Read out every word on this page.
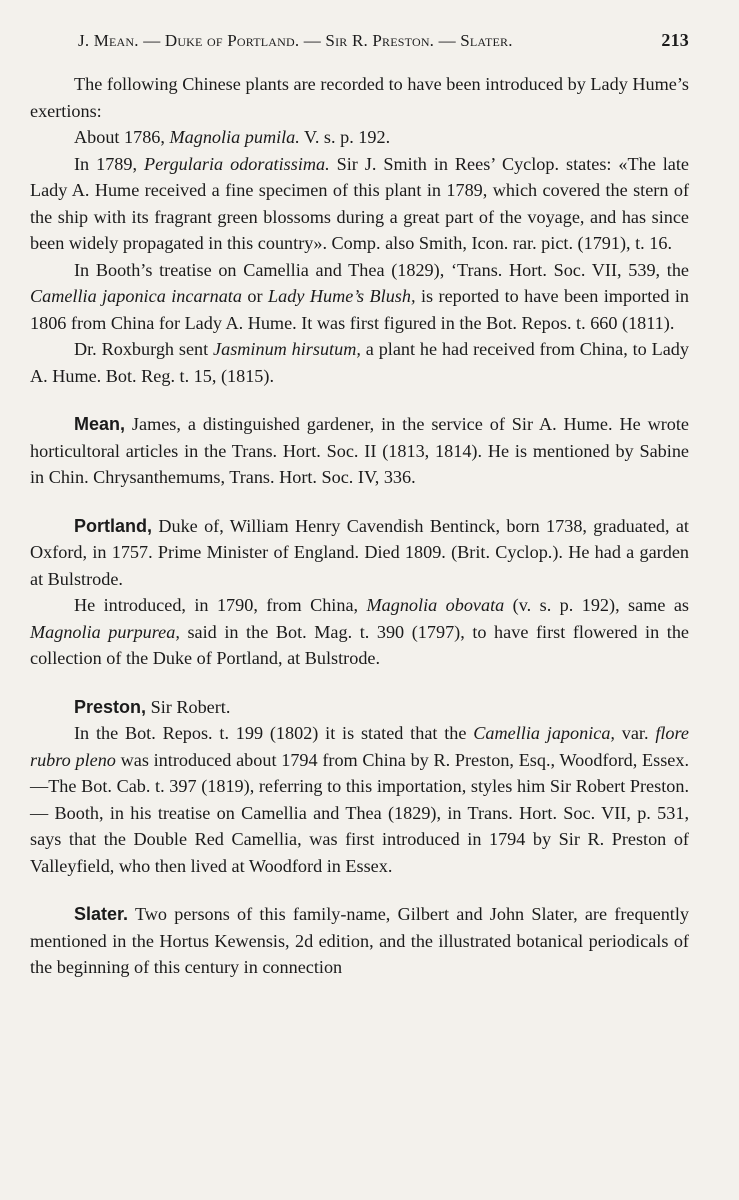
J. Mean. — Duke of Portland. — Sir R. Preston. — Slater.	213

The following Chinese plants are recorded to have been introduced by Lady Hume’s exertions:

About 1786, Magnolia pumila. V. s. p. 192.

In 1789, Pergularia odoratissima. Sir J. Smith in Rees’ Cyclop. states: «The late Lady A. Hume received a fine specimen of this plant in 1789, which covered the stern of the ship with its fragrant green blossoms during a great part of the voyage, and has since been widely propagated in this country». Comp. also Smith, Icon. rar. pict. (1791), t. 16.

In Booth’s treatise on Camellia and Thea (1829), ‘Trans. Hort. Soc. VII, 539, the Camellia japonica incarnata or Lady Hume’s Blush, is reported to have been imported in 1806 from China for Lady A. Hume. It was first figured in the Bot. Repos. t. 660 (1811).

Dr. Roxburgh sent Jasminum hirsutum, a plant he had received from China, to Lady A. Hume. Bot. Reg. t. 15, (1815).

Mean, James, a distinguished gardener, in the service of Sir A. Hume. He wrote horticultoral articles in the Trans. Hort. Soc. II (1813, 1814). He is mentioned by Sabine in Chin. Chrysanthemums, Trans. Hort. Soc. IV, 336.

Portland, Duke of, William Henry Cavendish Bentinck, born 1738, graduated, at Oxford, in 1757. Prime Minister of England. Died 1809. (Brit. Cyclop.). He had a garden at Bulstrode.

He introduced, in 1790, from China, Magnolia obovata (v. s. p. 192), same as Magnolia purpurea, said in the Bot. Mag. t. 390 (1797), to have first flowered in the collection of the Duke of Portland, at Bulstrode.

Preston, Sir Robert.

In the Bot. Repos. t. 199 (1802) it is stated that the Camellia japonica, var. flore rubro pleno was introduced about 1794 from China by R. Preston, Esq., Woodford, Essex.—The Bot. Cab. t. 397 (1819), referring to this importation, styles him Sir Robert Preston. — Booth, in his treatise on Camellia and Thea (1829), in Trans. Hort. Soc. VII, p. 531, says that the Double Red Camellia, was first introduced in 1794 by Sir R. Preston of Valleyfield, who then lived at Woodford in Essex.

Slater. Two persons of this family-name, Gilbert and John Slater, are frequently mentioned in the Hortus Kewensis, 2d edition, and the illustrated botanical periodicals of the beginning of this century in connection
